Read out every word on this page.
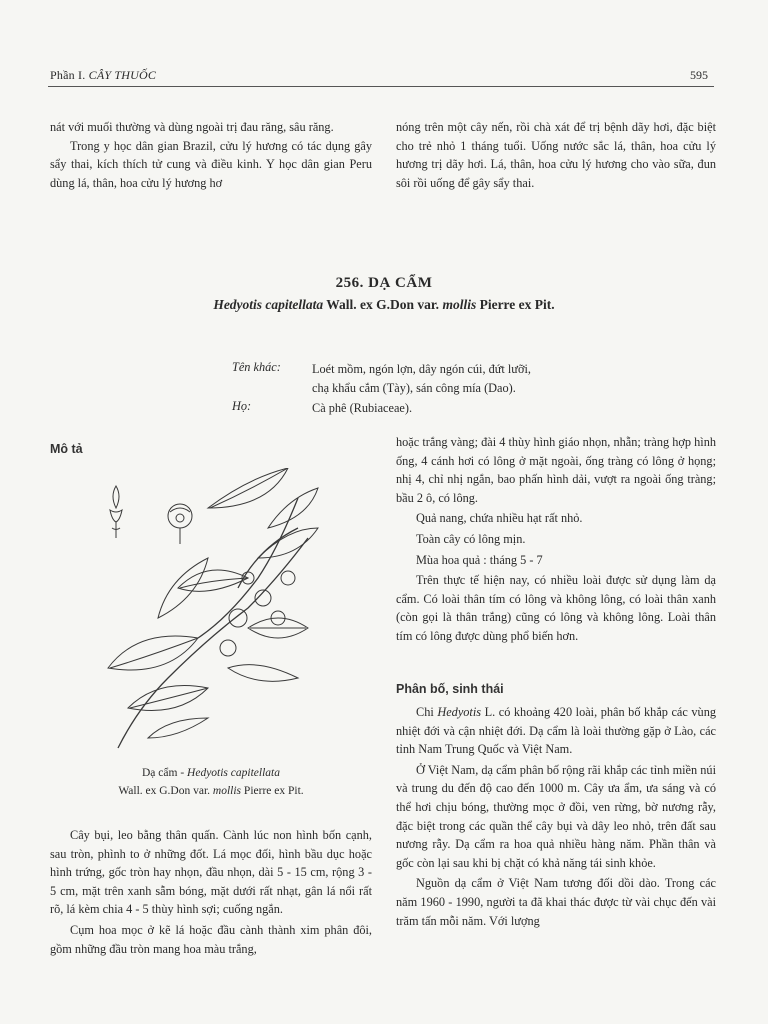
Phần I. CÂY THUỐC	595

nát với muối thường và dùng ngoài trị đau răng, sâu răng.

Trong y học dân gian Brazil, cửu lý hương có tác dụng gây sẩy thai, kích thích tử cung và điều kinh. Y học dân gian Peru dùng lá, thân, hoa cửu lý hương hơ

nóng trên một cây nến, rồi chà xát để trị bệnh dãy hơi, đặc biệt cho trẻ nhỏ 1 tháng tuổi. Uống nước sắc lá, thân, hoa cửu lý hương trị dãy hơi. Lá, thân, hoa cửu lý hương cho vào sữa, đun sôi rồi uống để gây sẩy thai.

256. DẠ CẨM
Hedyotis capitellata Wall. ex G.Don var. mollis Pierre ex Pit.
Tên khác:	Loét mồm, ngón lợn, dây ngón cúi, đứt lưỡi,
chạ khẩu cắm (Tày), sán công mía (Dao).
Họ:	Cà phê (Rubiaceae).
Mô tả
Dạ cẩm - Hedyotis capitellata
Wall. ex G.Don var. mollis Pierre ex Pit.

Cây bụi, leo bằng thân quấn. Cành lúc non hình bốn cạnh, sau tròn, phình to ở những đốt. Lá mọc đối, hình bầu dục hoặc hình trứng, gốc tròn hay nhọn, đầu nhọn, dài 5 - 15 cm, rộng 3 - 5 cm, mặt trên xanh sẫm bóng, mặt dưới rất nhạt, gân lá nổi rất rõ, lá kèm chia 4 - 5 thùy hình sợi; cuống ngắn.

Cụm hoa mọc ở kẽ lá hoặc đầu cành thành xim phân đôi, gồm những đầu tròn mang hoa màu trắng,

hoặc trắng vàng; đài 4 thùy hình giáo nhọn, nhẵn; tràng hợp hình ống, 4 cánh hơi có lông ở mặt ngoài, ống tràng có lông ở họng; nhị 4, chỉ nhị ngắn, bao phấn hình dải, vượt ra ngoài ống tràng; bầu 2 ô, có lông.

Quả nang, chứa nhiều hạt rất nhỏ.

Toàn cây có lông mịn.

Mùa hoa quả : tháng 5 - 7

Trên thực tế hiện nay, có nhiều loài được sử dụng làm dạ cẩm. Có loài thân tím có lông và không lông, có loài thân xanh (còn gọi là thân trắng) cũng có lông và không lông. Loài thân tím có lông được dùng phổ biến hơn.

Phân bố, sinh thái

Chi Hedyotis L. có khoảng 420 loài, phân bố khắp các vùng nhiệt đới và cận nhiệt đới. Dạ cẩm là loài thường gặp ở Lào, các tỉnh Nam Trung Quốc và Việt Nam.

Ở Việt Nam, dạ cẩm phân bố rộng rãi khắp các tỉnh miền núi và trung du đến độ cao đến 1000 m. Cây ưa ẩm, ưa sáng và có thể hơi chịu bóng, thường mọc ở đồi, ven rừng, bờ nương rẫy, đặc biệt trong các quần thể cây bụi và dây leo nhỏ, trên đất sau nương rẫy. Dạ cẩm ra hoa quả nhiều hàng năm. Phần thân và gốc còn lại sau khi bị chặt có khả năng tái sinh khỏe.

Nguồn dạ cẩm ở Việt Nam tương đối dồi dào. Trong các năm 1960 - 1990, người ta đã khai thác được từ vài chục đến vài trăm tấn mỗi năm. Với lượng
